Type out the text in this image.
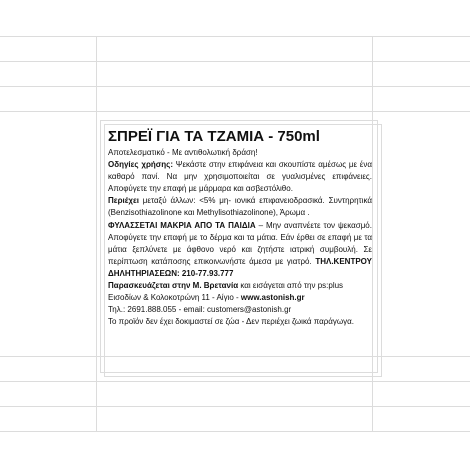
ΣΠΡΕΪ ΓΙΑ ΤΑ ΤΖΑΜΙΑ - 750ml
Αποτελεσματικό - Με αντιθολωτική δράση!
Οδηγίες χρήσης: Ψεκάστε στην επιφάνεια και σκουπίστε αμέσως με ένα καθαρό πανί. Να μην χρησιμοποιείται σε γυαλισμένες επιφάνειες. Αποφύγετε την επαφή με μάρμαρα και ασβεστόλιθο.
Περιέχει μεταξύ άλλων: <5% μη- ιονικά επιφανειοδρασικά. Συντηρητικά (Benzisothiazolinone και Methylisothiazolinone), Άρωμα .
ΦΥΛΑΣΣΕΤΑΙ ΜΑΚΡΙΑ ΑΠΟ ΤΑ ΠΑΙΔΙΑ – Μην αναπνέετε τον ψεκασμό. Αποφύγετε την επαφή με το δέρμα και τα μάτια. Εάν έρθει σε επαφή με τα μάτια ξεπλύνετε με άφθονο νερό και ζητήστε ιατρική συμβουλή. Σε περίπτωση κατάποσης επικοινωνήστε άμεσα με γιατρό. ΤΗΛ.ΚΕΝΤΡΟΥ ΔΗΛΗΤΗΡΙΑΣΕΩΝ: 210-77.93.777
Παρασκευάζεται στην Μ. Βρετανία και εισάγεται από την ps:plus
Εισοδίων & Κολοκοτρώνη 11 - Αίγιο - www.astonish.gr
Τηλ.: 2691.888.055 - email: customers@astonish.gr
Το προϊόν δεν έχει δοκιμαστεί σε ζώα - Δεν περιέχει ζωικά παράγωγα.
